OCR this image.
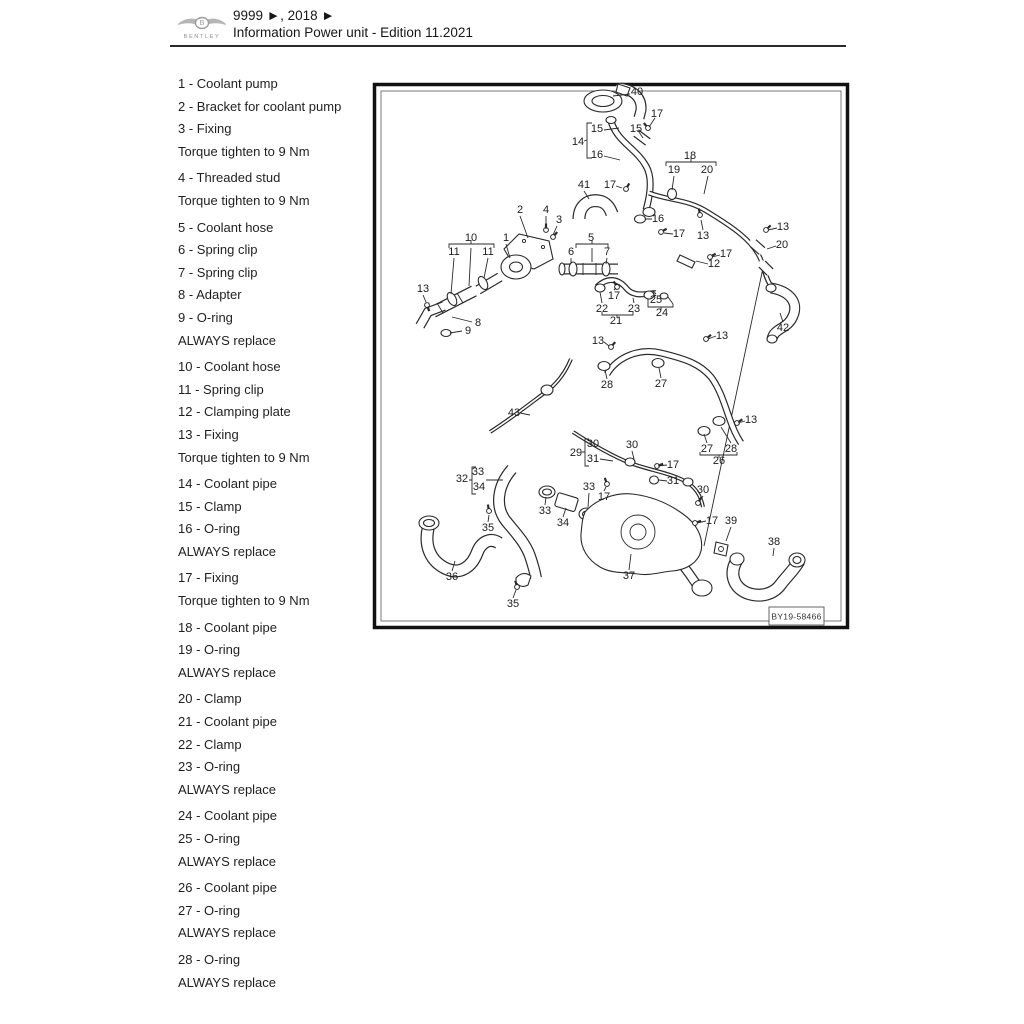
B
BENTLEY
9999 ►, 2018 ►
Information Power unit - Edition 11.2021
1 - Coolant pump
2 - Bracket for coolant pump
3 - Fixing
Torque tighten to 9 Nm
4 - Threaded stud
Torque tighten to 9 Nm
5 - Coolant hose
6 - Spring clip
7 - Spring clip
8 - Adapter
9 - O-ring
ALWAYS replace
10 - Coolant hose
11 - Spring clip
12 - Clamping plate
13 - Fixing
Torque tighten to 9 Nm
14 - Coolant pipe
15 - Clamp
16 - O-ring
ALWAYS replace
17 - Fixing
Torque tighten to 9 Nm
18 - Coolant pipe
19 - O-ring
ALWAYS replace
20 - Clamp
21 - Coolant pipe
22 - Clamp
23 - O-ring
ALWAYS replace
24 - Coolant pipe
25 - O-ring
ALWAYS replace
26 - Coolant pipe
27 - O-ring
ALWAYS replace
28 - O-ring
ALWAYS replace
BY19-58466
40
17
15
14
16
15
18
19 20
41 17
2 4
3	16
13
17 13
1
10	5
20
11 11	6	7	17
12
13
17	25
22 23 24
21
8	42
9	13
13
28	27
43
13
30 30
29 31
27 28
26
17
33
32	31
34	33	30
17
33
39
17
34
35
38
36	37
35
